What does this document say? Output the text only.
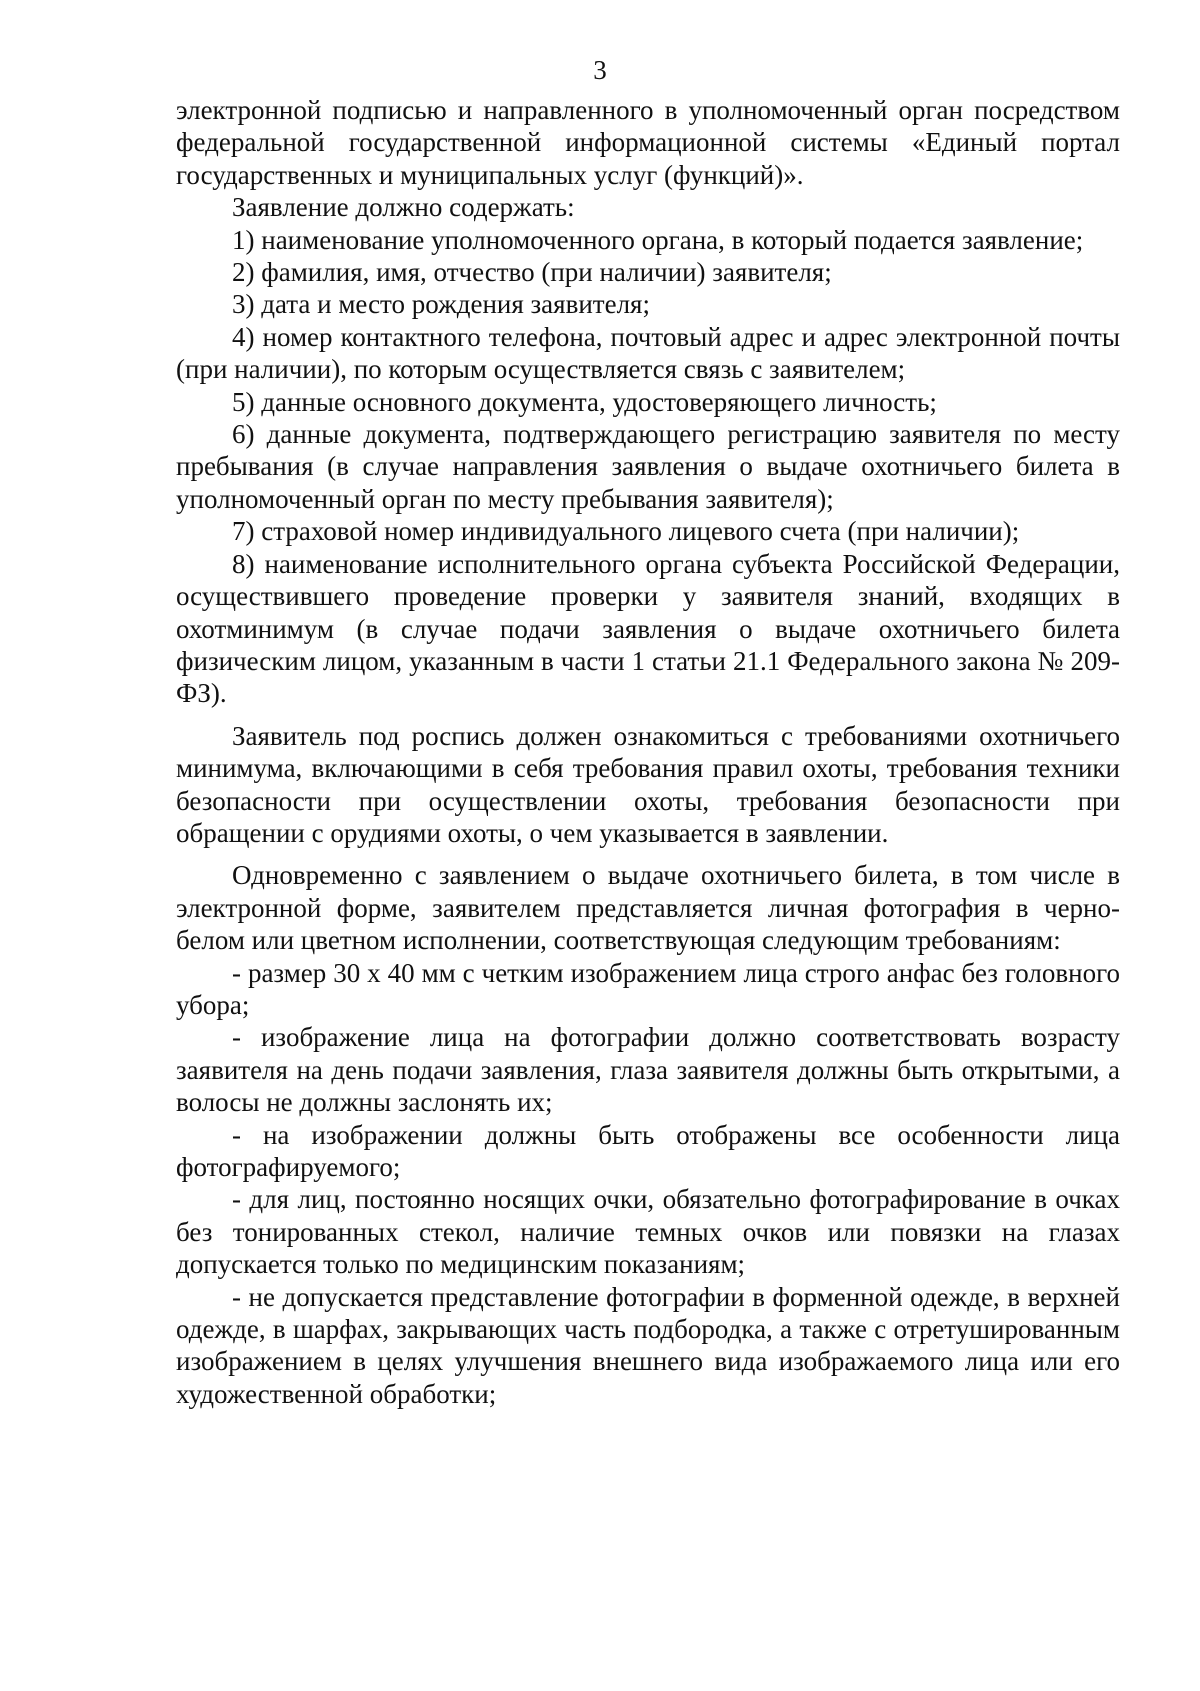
3

электронной подписью и направленного в уполномоченный орган посредством федеральной государственной информационной системы «Единый портал государственных и муниципальных услуг (функций)».

Заявление должно содержать:

1) наименование уполномоченного органа, в который подается заявление;

2) фамилия, имя, отчество (при наличии) заявителя;

3) дата и место рождения заявителя;

4) номер контактного телефона, почтовый адрес и адрес электронной почты (при наличии), по которым осуществляется связь с заявителем;

5) данные основного документа, удостоверяющего личность;

6) данные документа, подтверждающего регистрацию заявителя по месту пребывания (в случае направления заявления о выдаче охотничьего билета в уполномоченный орган по месту пребывания заявителя);

7) страховой номер индивидуального лицевого счета (при наличии);

8) наименование исполнительного органа субъекта Российской Федерации, осуществившего проведение проверки у заявителя знаний, входящих в охотминимум (в случае подачи заявления о выдаче охотничьего билета физическим лицом, указанным в части 1 статьи 21.1 Федерального закона № 209-ФЗ).

Заявитель под роспись должен ознакомиться с требованиями охотничьего минимума, включающими в себя требования правил охоты, требования техники безопасности при осуществлении охоты, требования безопасности при обращении с орудиями охоты, о чем указывается в заявлении.

Одновременно с заявлением о выдаче охотничьего билета, в том числе в электронной форме, заявителем представляется личная фотография в черно-белом или цветном исполнении, соответствующая следующим требованиям:

- размер 30 х 40 мм с четким изображением лица строго анфас без головного убора;

- изображение лица на фотографии должно соответствовать возрасту заявителя на день подачи заявления, глаза заявителя должны быть открытыми, а волосы не должны заслонять их;

- на изображении должны быть отображены все особенности лица фотографируемого;

- для лиц, постоянно носящих очки, обязательно фотографирование в очках без тонированных стекол, наличие темных очков или повязки на глазах допускается только по медицинским показаниям;

- не допускается представление фотографии в форменной одежде, в верхней одежде, в шарфах, закрывающих часть подбородка, а также с отретушированным изображением в целях улучшения внешнего вида изображаемого лица или его художественной обработки;
